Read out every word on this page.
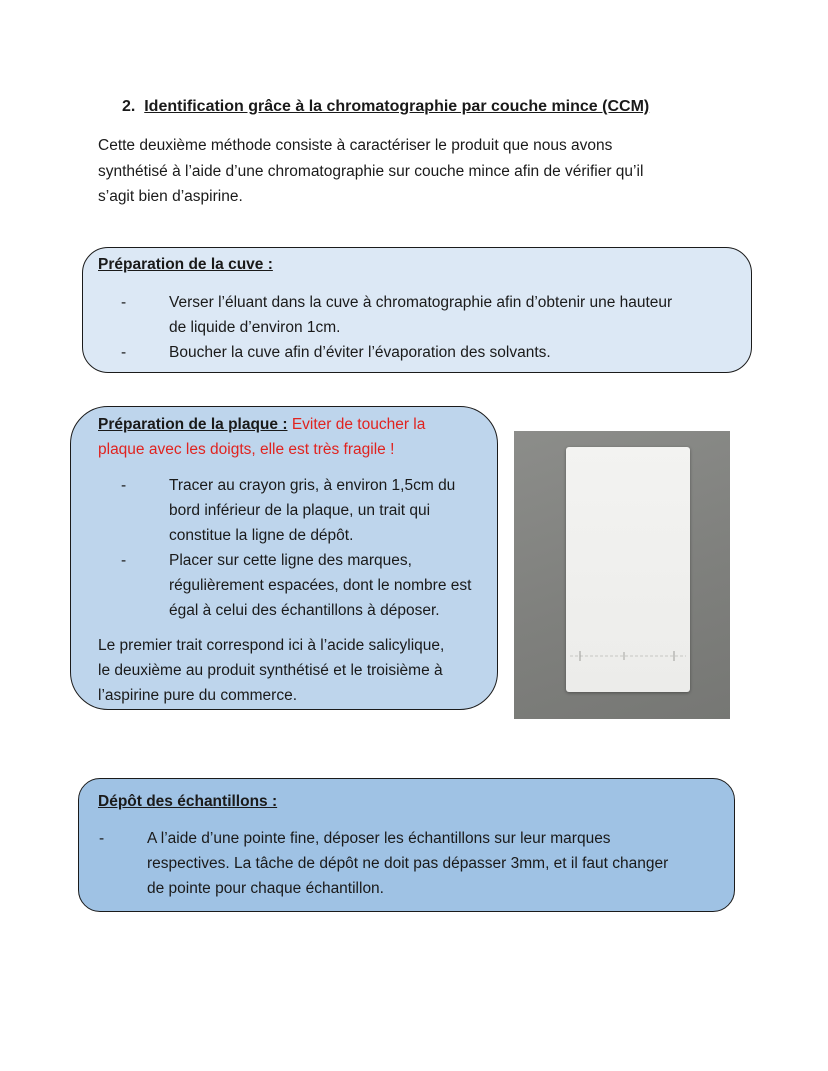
2. Identification grâce à la chromatographie par couche mince (CCM)
Cette deuxième méthode consiste à caractériser le produit que nous avons
synthétisé à l’aide d’une chromatographie sur couche mince afin de vérifier qu’il
s’agit bien d’aspirine.
Préparation de la cuve :
-	Verser l’éluant dans la cuve à chromatographie afin d’obtenir une hauteur
de liquide d’environ 1cm.
-	Boucher la cuve afin d’éviter l’évaporation des solvants.
Préparation de la plaque : Eviter de toucher la
plaque avec les doigts, elle est très fragile !
-	Tracer au crayon gris, à environ 1,5cm du
bord inférieur de la plaque, un trait qui
constitue la ligne de dépôt.
-	Placer sur cette ligne des marques,
régulièrement espacées, dont le nombre est
égal à celui des échantillons à déposer.
Le premier trait correspond ici à l’acide salicylique,
le deuxième au produit synthétisé et le troisième à
l’aspirine pure du commerce.
Dépôt des échantillons :
-	A l’aide d’une pointe fine, déposer les échantillons sur leur marques
respectives. La tâche de dépôt ne doit pas dépasser 3mm, et il faut changer
de pointe pour chaque échantillon.
